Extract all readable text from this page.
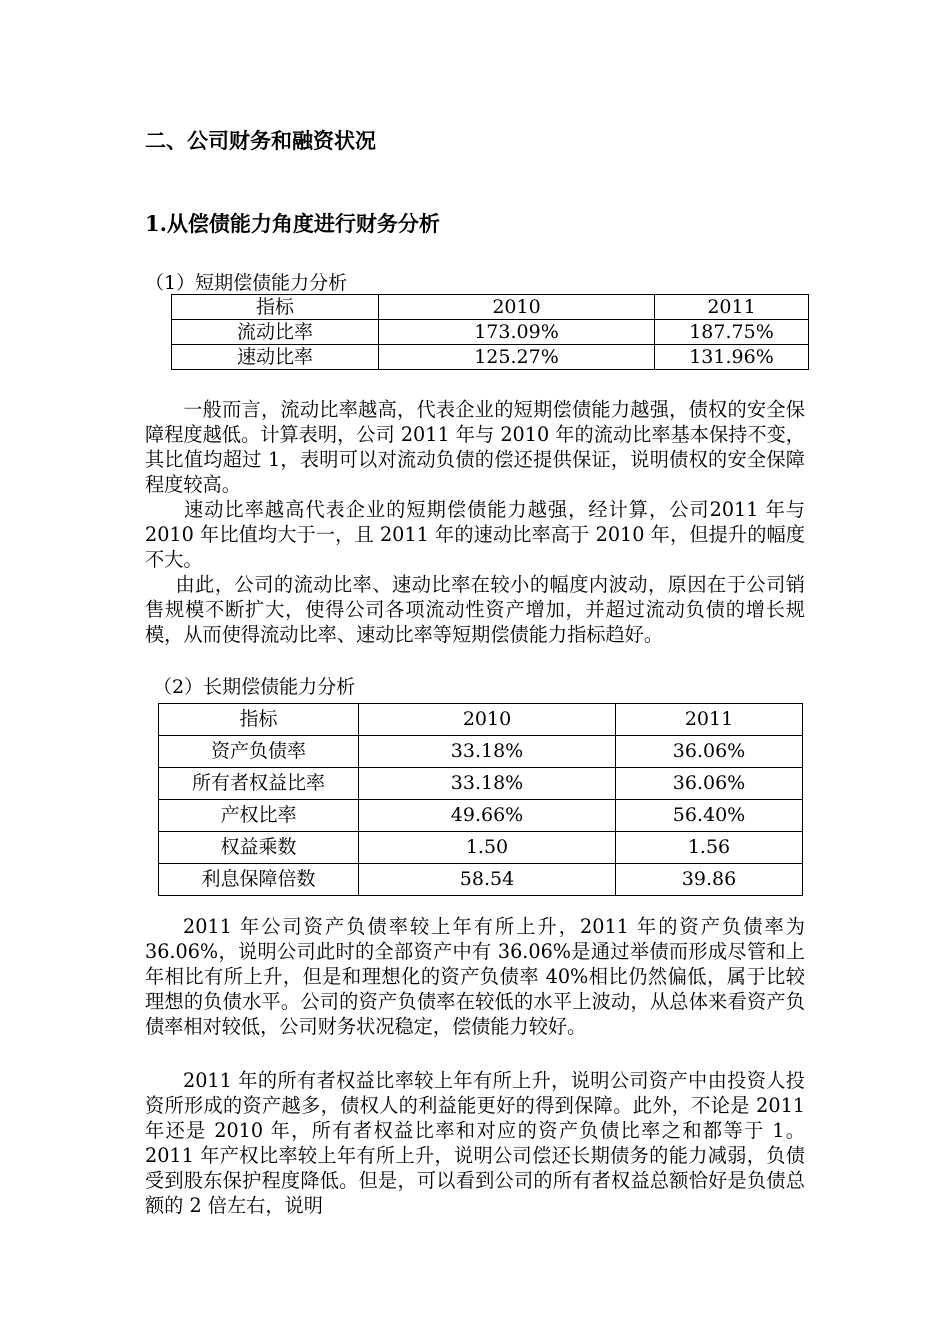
二、公司财务和融资状况
1.从偿债能力角度进行财务分析
（1）短期偿债能力分析
指标	2010	2011
流动比率	173.09%	187.75%
速动比率	125.27%	131.96%
一般而言，流动比率越高，代表企业的短期偿债能力越强，债权的安全保障程度越低。计算表明，公司 2011 年与 2010 年的流动比率基本保持不变，其比值均超过 1，表明可以对流动负债的偿还提供保证，说明债权的安全保障程度较高。
速动比率越高代表企业的短期偿债能力越强，经计算，公司2011 年与 2010 年比值均大于一，且 2011 年的速动比率高于 2010 年，但提升的幅度不大。
由此，公司的流动比率、速动比率在较小的幅度内波动，原因在于公司销售规模不断扩大，使得公司各项流动性资产增加，并超过流动负债的增长规模，从而使得流动比率、速动比率等短期偿债能力指标趋好。
（2）长期偿债能力分析
指标	2010	2011
资产负债率	33.18%	36.06%
所有者权益比率	33.18%	36.06%
产权比率	49.66%	56.40%
权益乘数	1.50	1.56
利息保障倍数	58.54	39.86
2011 年公司资产负债率较上年有所上升，2011 年的资产负债率为 36.06%，说明公司此时的全部资产中有 36.06%是通过举债而形成尽管和上年相比有所上升，但是和理想化的资产负债率 40%相比仍然偏低，属于比较理想的负债水平。公司的资产负债率在较低的水平上波动，从总体来看资产负债率相对较低，公司财务状况稳定，偿债能力较好。
2011 年的所有者权益比率较上年有所上升，说明公司资产中由投资人投资所形成的资产越多，债权人的利益能更好的得到保障。此外，不论是 2011 年还是 2010 年，所有者权益比率和对应的资产负债比率之和都等于 1。2011 年产权比率较上年有所上升，说明公司偿还长期债务的能力减弱，负债受到股东保护程度降低。但是，可以看到公司的所有者权益总额恰好是负债总额的 2 倍左右，说明
